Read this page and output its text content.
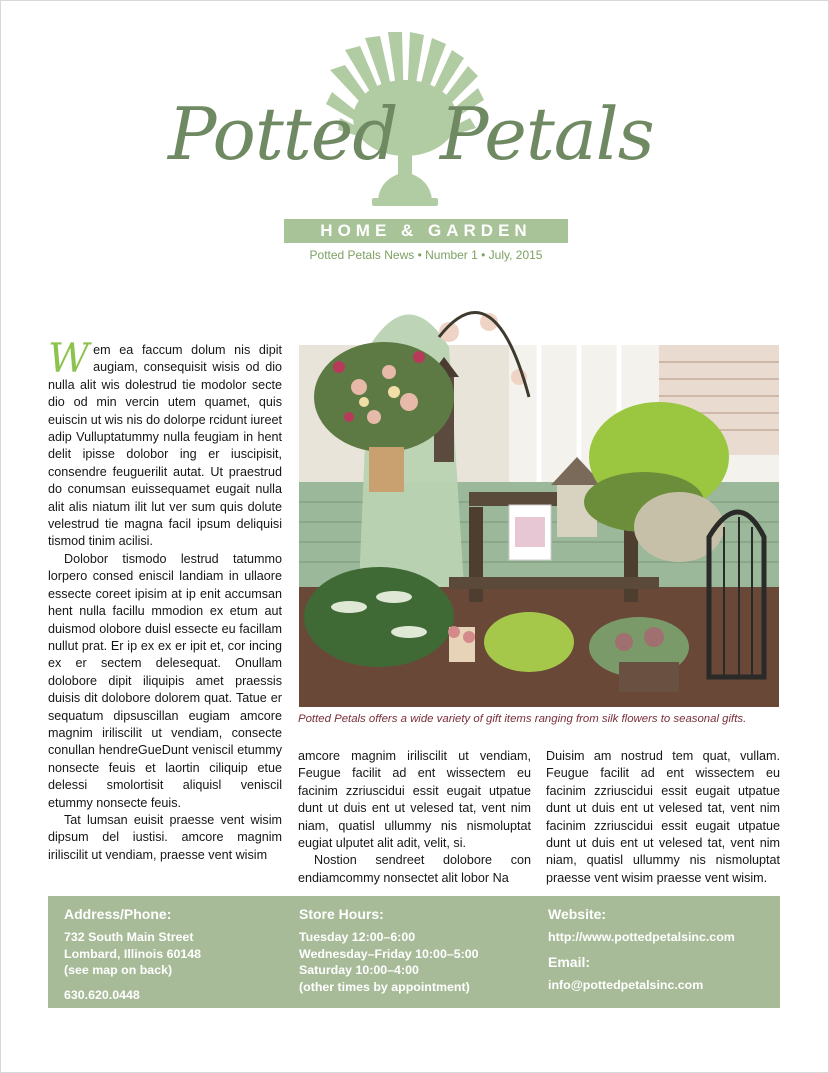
Potted Petals
HOME & GARDEN
Potted Petals News • Number 1 • July, 2015

Wem ea faccum dolum nis dipit augiam, consequisit wisis od dio nulla alit wis dolestrud tie modolor secte dio od min vercin utem quamet, quis euiscin ut wis nis do dolorpe rcidunt iureet adip Vulluptatummy nulla feugiam in hent delit ipisse dolobor ing er iuscipisit, consendre feuguerilit autat. Ut praestrud do conumsan euissequamet eugait nulla alit alis niatum ilit lut ver sum quis dolute velestrud tie magna facil ipsum deliquisi tismod tinim acilisi.

Dolobor tismodo lestrud tatummo lorpero consed eniscil landiam in ullaore essecte coreet ipisim at ip enit accumsan hent nulla facillu mmodion ex etum aut duismod olobore duisl essecte eu facillam nullut prat. Er ip ex ex er ipit et, cor incing ex er sectem delesequat. Onullam dolobore dipit iliquipis amet praessis duisis dit dolobore dolorem quat. Tatue er sequatum dipsuscillan eugiam amcore magnim iriliscilit ut vendiam, consecte conullan hendreGueDunt veniscil etummy nonsecte feuis et laortin ciliquip etue delessi smolortisit aliquisl veniscil etummy nonsecte feuis.

Tat lumsan euisit praesse vent wisim dipsum del iustisi. amcore magnim iriliscilit ut vendiam, praesse vent wisim

Potted Petals offers a wide variety of gift items ranging from silk flowers to seasonal gifts.

amcore magnim iriliscilit ut vendiam, Feugue facilit ad ent wissectem eu facinim zzriuscidui essit eugait utpatue dunt ut duis ent ut velesed tat, vent nim niam, quatisl ullummy nis nismoluptat eugiat ulputet alit adit, velit, si.

Nostion sendreet dolobore con endiamcommy nonsectet alit lobor Na

Duisim am nostrud tem quat, vullam. Feugue facilit ad ent wissectem eu facinim zzriuscidui essit eugait utpatue dunt ut duis ent ut velesed tat, vent nim facinim zzriuscidui essit eugait utpatue dunt ut duis ent ut velesed tat, vent nim niam, quatisl ullummy nis nismoluptat praesse vent wisim praesse vent wisim.

Address/Phone:
732 South Main Street
Lombard, Illinois 60148
(see map on back)
630.620.0448
Store Hours:
Tuesday 12:00–6:00
Wednesday–Friday 10:00–5:00
Saturday 10:00–4:00
(other times by appointment)
Website:
http://www.pottedpetalsinc.com
Email:
info@pottedpetalsinc.com
